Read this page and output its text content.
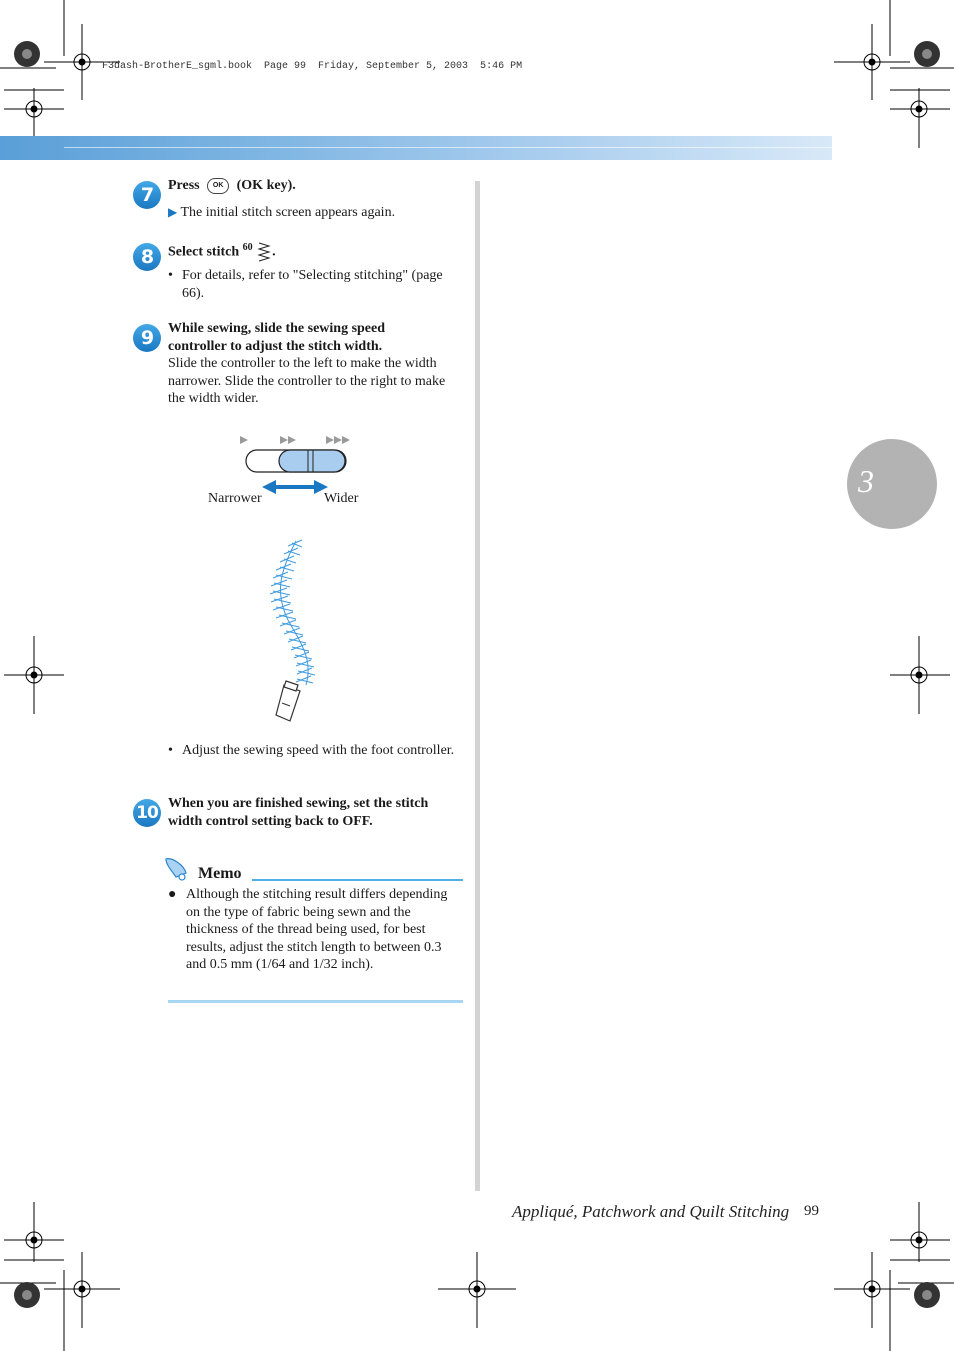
F3dash-BrotherE_sgml.book  Page 99  Friday, September 5, 2003  5:46 PM
7	Press OK (OK key).
▶ The initial stitch screen appears again.
8	Select stitch $^{60}$ .
• For details, refer to "Selecting stitching" (page 66).
9	While sewing, slide the sewing speed controller to adjust the stitch width.
Slide the controller to the left to make the width narrower. Slide the controller to the right to make the width wider.
Narrower	Wider
• Adjust the sewing speed with the foot controller.
10 When you are finished sewing, set the stitch width control setting back to OFF.
Memo
● Although the stitching result differs depending on the type of fabric being sewn and the thickness of the thread being used, for best results, adjust the stitch length to between 0.3 and 0.5 mm (1/64 and 1/32 inch).
3
Appliqué, Patchwork and Quilt Stitching 99
